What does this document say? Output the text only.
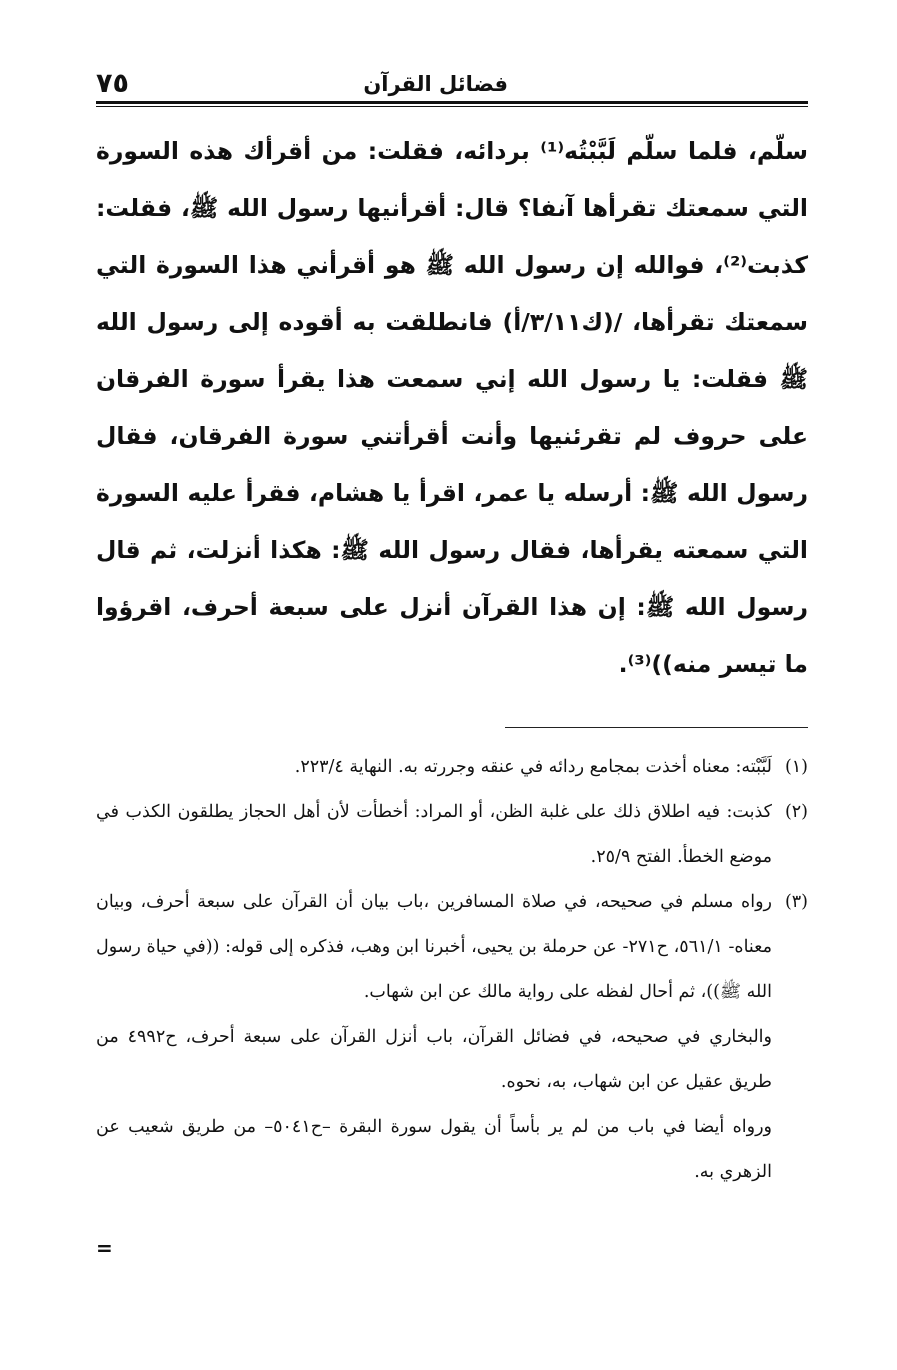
فضائل القرآن
٧٥

سلّم، فلما سلّم لَبَّبْتُه⁽¹⁾ بردائه، فقلت: من أقرأك هذه السورة التي سمعتك تقرأها آنفا؟ قال: أقرأنيها رسول الله ﷺ، فقلت: كذبت⁽²⁾، فوالله إن رسول الله ﷺ هو أقرأني هذا السورة التي سمعتك تقرأها، /(ك٣/١١/أ) فانطلقت به أقوده إلى رسول الله ﷺ فقلت: يا رسول الله إني سمعت هذا يقرأ سورة الفرقان على حروف لم تقرئنيها وأنت أقرأتني سورة الفرقان، فقال رسول الله ﷺ: أرسله يا عمر، اقرأ يا هشام، فقرأ عليه السورة التي سمعته يقرأها، فقال رسول الله ﷺ: هكذا أنزلت، ثم قال رسول الله ﷺ: إن هذا القرآن أنزل على سبعة أحرف، اقرؤوا ما تيسر منه))⁽³⁾.

(١)
لَبَّبْته: معناه أخذت بمجامع ردائه في عنقه وجررته به. النهاية ٢٢٣/٤.
(٢)
كذبت: فيه اطلاق ذلك على غلبة الظن، أو المراد: أخطأت لأن أهل الحجاز يطلقون الكذب في موضع الخطأ. الفتح ٢٥/٩.
(٣)
رواه مسلم في صحيحه، في صلاة المسافرين ،باب بيان أن القرآن على سبعة أحرف، وبيان معناه- ٥٦١/١، ح٢٧١- عن حرملة بن يحيى، أخبرنا ابن وهب، فذكره إلى قوله: ((في حياة رسول الله ﷺ))، ثم أحال لفظه على رواية مالك عن ابن شهاب.
والبخاري في صحيحه، في فضائل القرآن، باب أنزل القرآن على سبعة أحرف، ح٤٩٩٢ من طريق عقيل عن ابن شهاب، به، نحوه.
ورواه أيضا في باب من لم ير بأساً أن يقول سورة البقرة –ح٥٠٤١– من طريق شعيب عن الزهري به.
=
